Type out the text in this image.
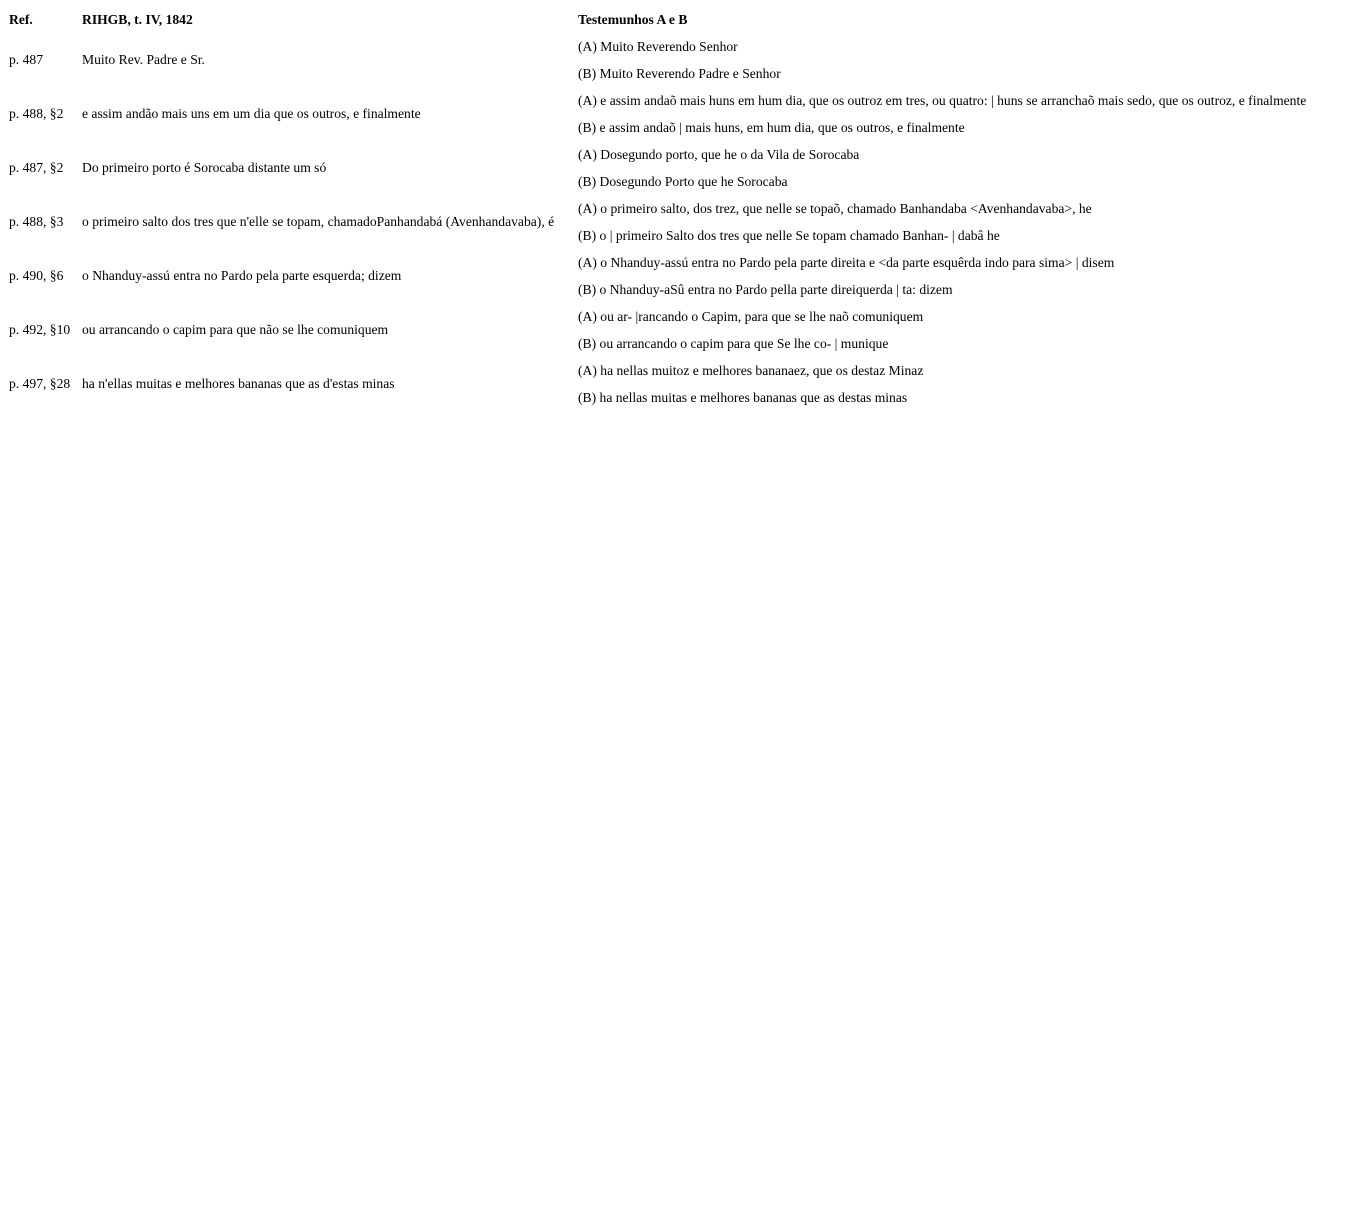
Ref.	RIHGB, t. IV, 1842	Testemunhos A e B
p. 487	Muito Rev. Padre e Sr.	(A) Muito Reverendo Senhor
		(B) Muito Reverendo Padre e Senhor
p. 488, §2	e assim andão mais uns em um dia que os outros, e finalmente	(A) e assim andaõ mais huns em hum dia, que os outroz em tres, ou quatro: | huns se arranchaõ mais sedo, que os outroz, e finalmente
		(B) e assim andaõ | mais huns, em hum dia, que os outros, e finalmente
p. 487, §2	Do primeiro porto é Sorocaba distante um só	(A) Dosegundo porto, que he o da Vila de Sorocaba
		(B) Dosegundo Porto que he Sorocaba
p. 488, §3	o primeiro salto dos tres que n'elle se topam, chamadoPanhandabá (Avenhandavaba), é	(A) o primeiro salto, dos trez, que nelle se topaõ, chamado Banhandaba <Avenhandavaba>, he
		(B) o | primeiro Salto dos tres que nelle Se topam chamado Banhan- | dabâ he
p. 490, §6	o Nhanduy-assú entra no Pardo pela parte esquerda; dizem	(A) o Nhanduy-assú entra no Pardo pela parte direita e <da parte esquêrda indo para sima> | disem
		(B) o Nhanduy-aSû entra no Pardo pella parte direiquerda | ta: dizem
p. 492, §10	ou arrancando o capim para que não se lhe comuniquem	(A) ou ar- |rancando o Capim, para que se lhe naõ comuniquem
		(B) ou arrancando o capim para que Se lhe co- | munique
p. 497, §28	ha n'ellas muitas e melhores bananas que as d'estas minas	(A) ha nellas muitoz e melhores bananaez, que os destaz Minaz
		(B) ha nellas muitas e melhores bananas que as destas minas
